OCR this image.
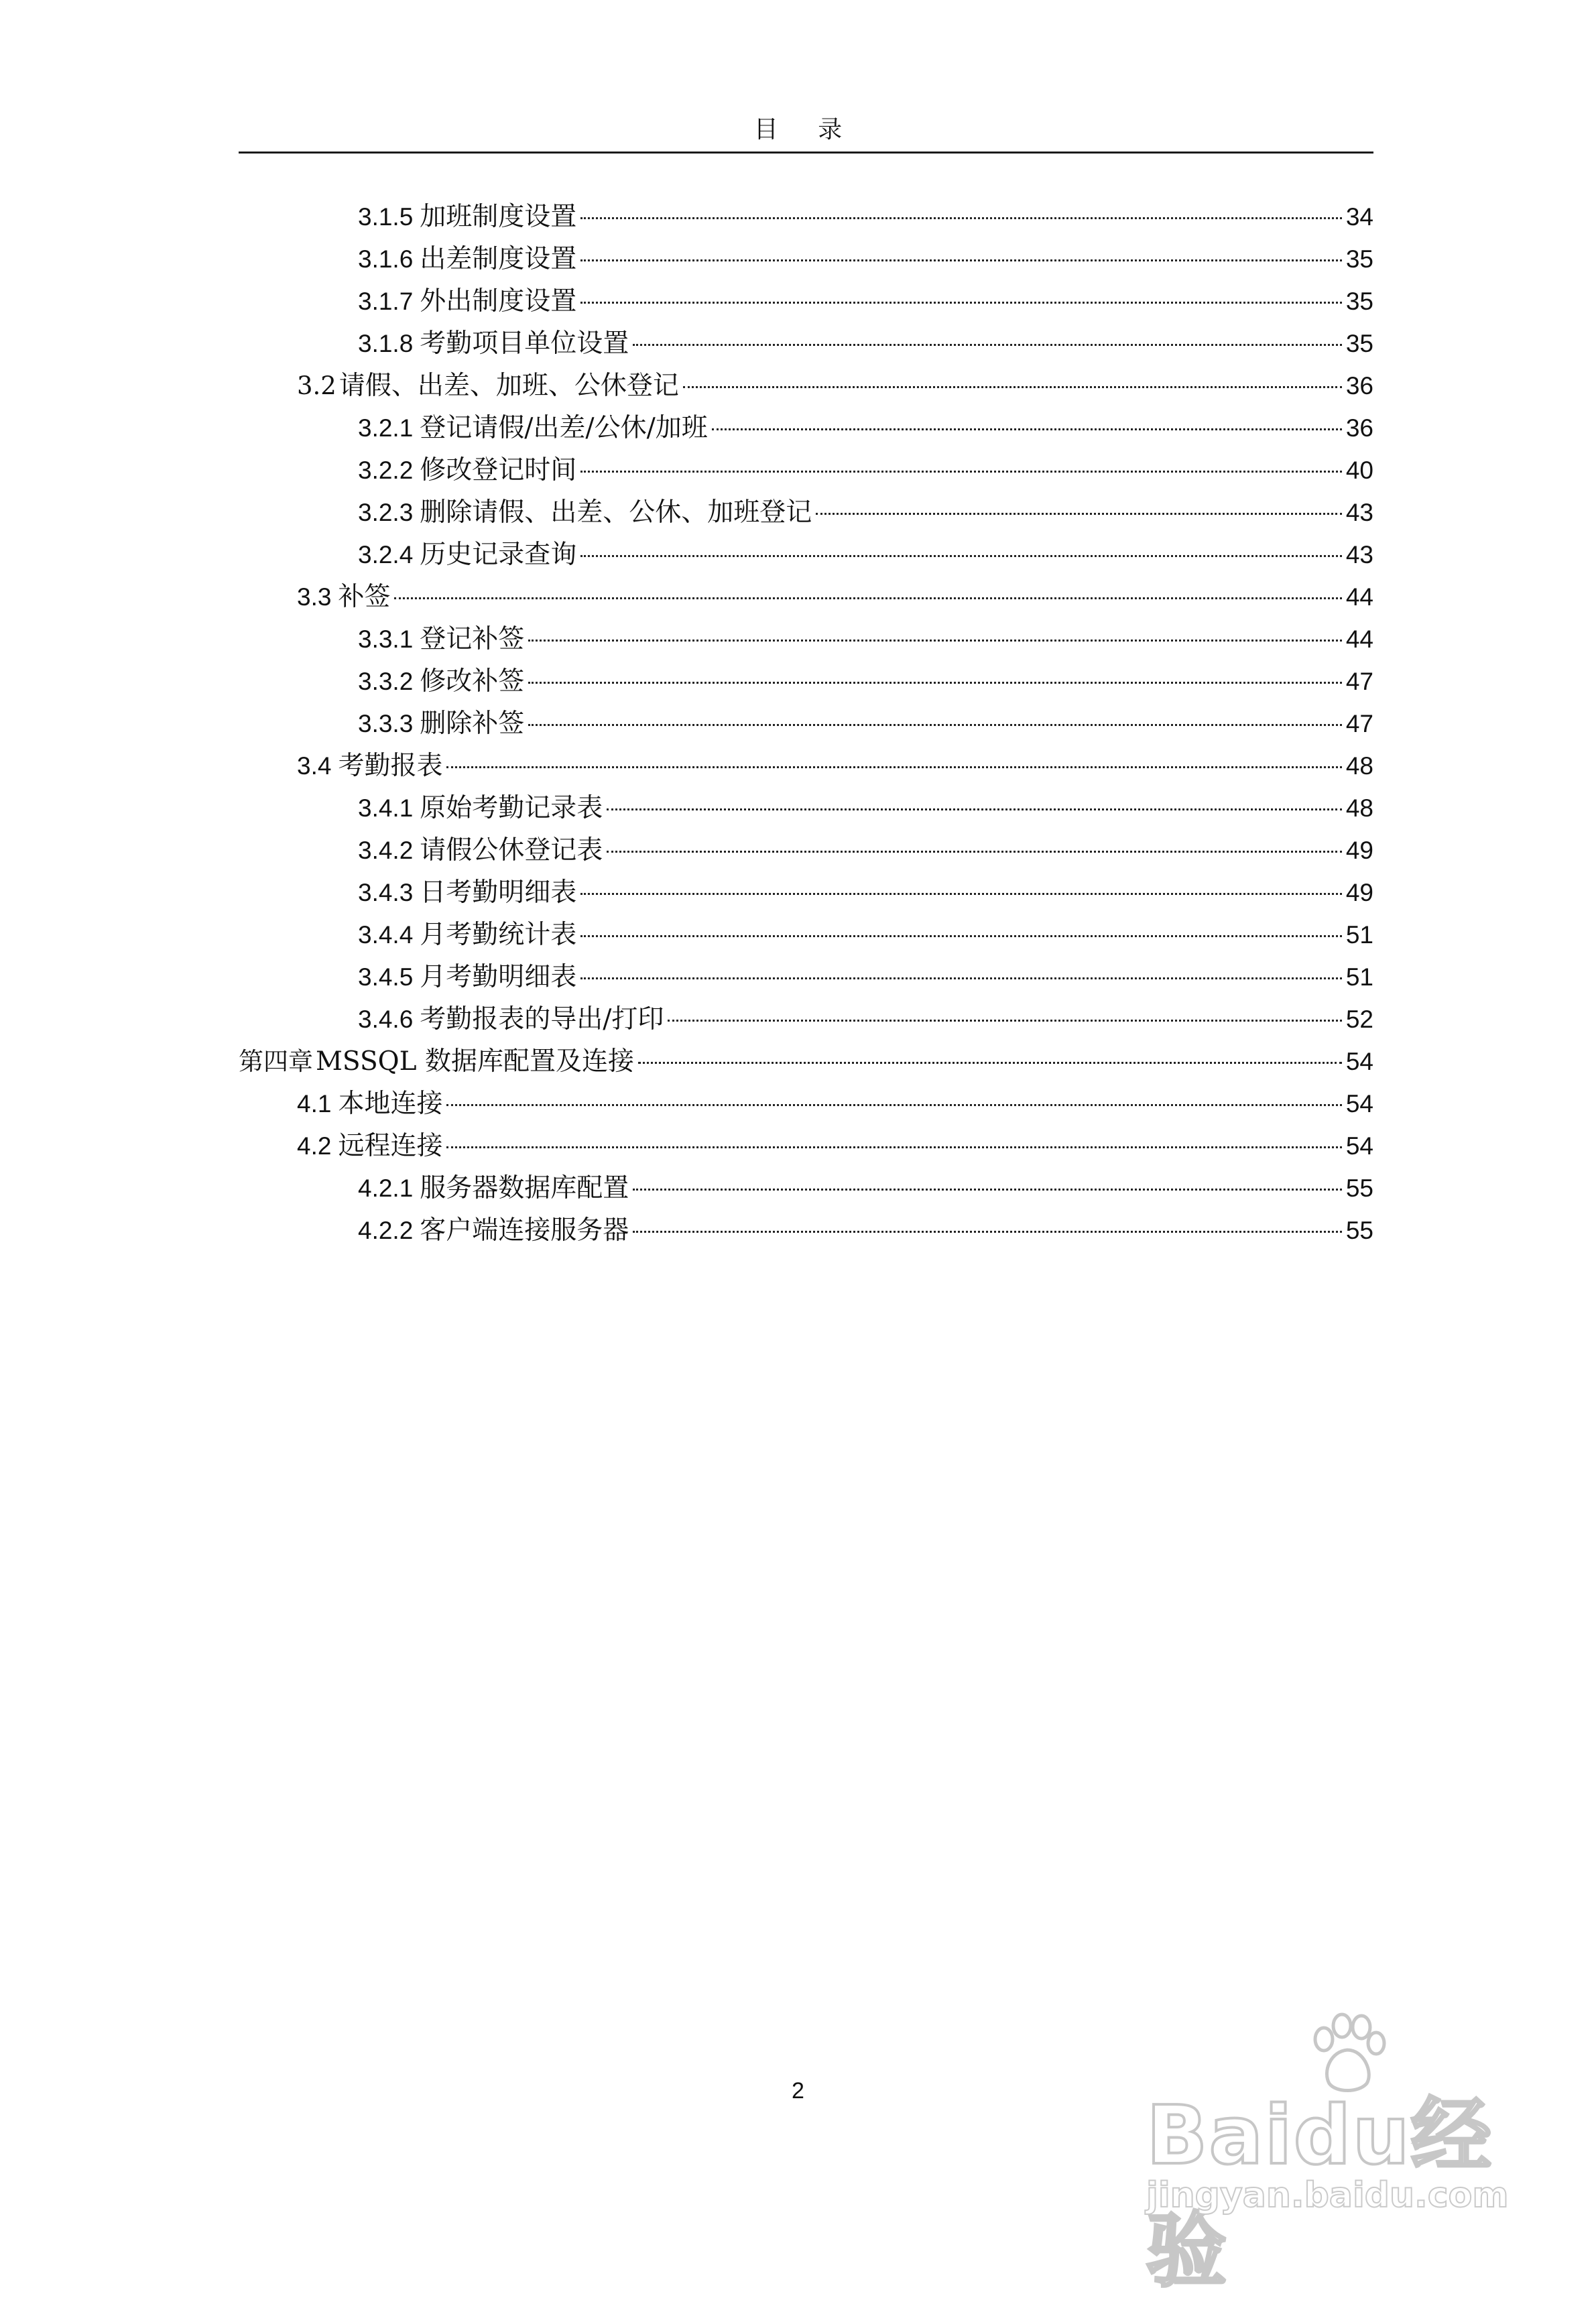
目 录
3.1.5 加班制度设置	34
3.1.6 出差制度设置	35
3.1.7 外出制度设置	35
3.1.8 考勤项目单位设置	35
3.2 请假、出差、加班、公休登记	36
3.2.1 登记请假/出差/公休/加班	36
3.2.2 修改登记时间	40
3.2.3 删除请假、出差、公休、加班登记	43
3.2.4 历史记录查询	43
3.3 补签	44
3.3.1 登记补签	44
3.3.2 修改补签	47
3.3.3 删除补签	47
3.4 考勤报表	48
3.4.1 原始考勤记录表	48
3.4.2 请假公休登记表	49
3.4.3 日考勤明细表	49
3.4.4 月考勤统计表	51
3.4.5 月考勤明细表	51
3.4.6 考勤报表的导出/打印	52
第四章 MSSQL 数据库配置及连接	54
4.1 本地连接	54
4.2 远程连接	54
4.2.1 服务器数据库配置	55
4.2.2 客户端连接服务器	55
2	Baidu经验
jingyan.baidu.com
